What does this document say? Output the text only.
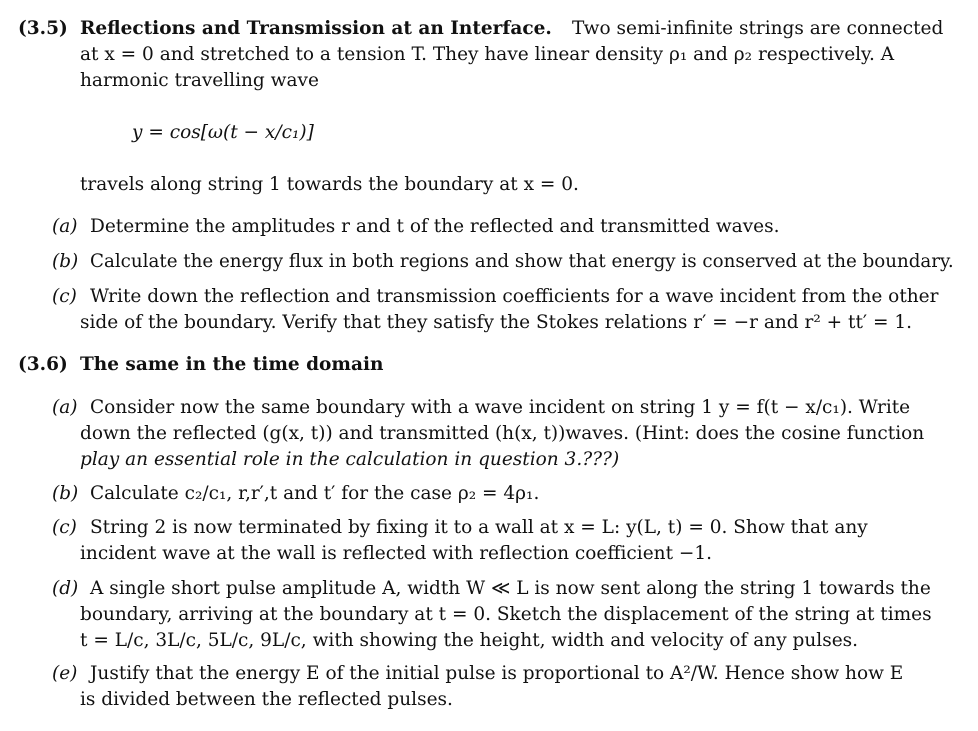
(3.5) Reflections and Transmission at an Interface. Two semi-infinite strings are connected
at x = 0 and stretched to a tension T. They have linear density ρ₁ and ρ₂ respectively. A
harmonic travelling wave
y = cos[ω(t − x/c₁)]
travels along string 1 towards the boundary at x = 0.
(a) Determine the amplitudes r and t of the reflected and transmitted waves.
(b) Calculate the energy flux in both regions and show that energy is conserved at the boundary.
(c) Write down the reflection and transmission coefficients for a wave incident from the other
side of the boundary. Verify that they satisfy the Stokes relations r′ = −r and r² + tt′ = 1.
(3.6) The same in the time domain
(a) Consider now the same boundary with a wave incident on string 1 y = f(t − x/c₁). Write
down the reflected (g(x, t)) and transmitted (h(x, t))waves. (Hint: does the cosine function
play an essential role in the calculation in question 3.???)
(b) Calculate c₂/c₁, r,r′,t and t′ for the case ρ₂ = 4ρ₁.
(c) String 2 is now terminated by fixing it to a wall at x = L: y(L, t) = 0. Show that any
incident wave at the wall is reflected with reflection coefficient −1.
(d) A single short pulse amplitude A, width W ≪ L is now sent along the string 1 towards the
boundary, arriving at the boundary at t = 0. Sketch the displacement of the string at times
t = L/c, 3L/c, 5L/c, 9L/c, with showing the height, width and velocity of any pulses.
(e) Justify that the energy E of the initial pulse is proportional to A²/W. Hence show how E
is divided between the reflected pulses.
